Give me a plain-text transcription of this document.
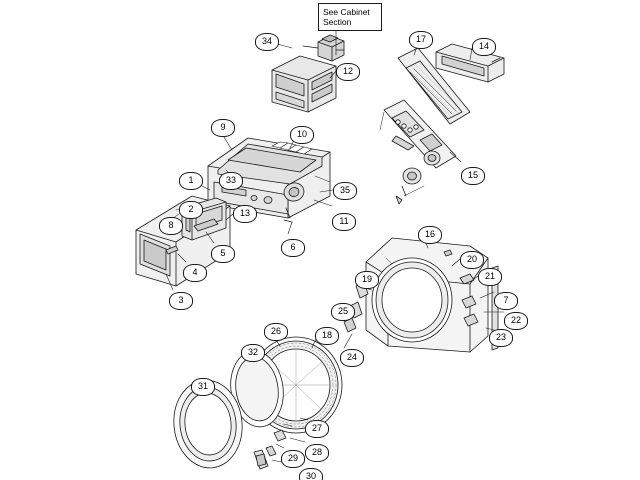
See Cabinet Section
34
12
17
14
9
10
15
1	33
35
2	13
8	11
5
6
16
4
20
3
21
19
7
25
22
23
26	18
24
32
31
27
28
29
30
